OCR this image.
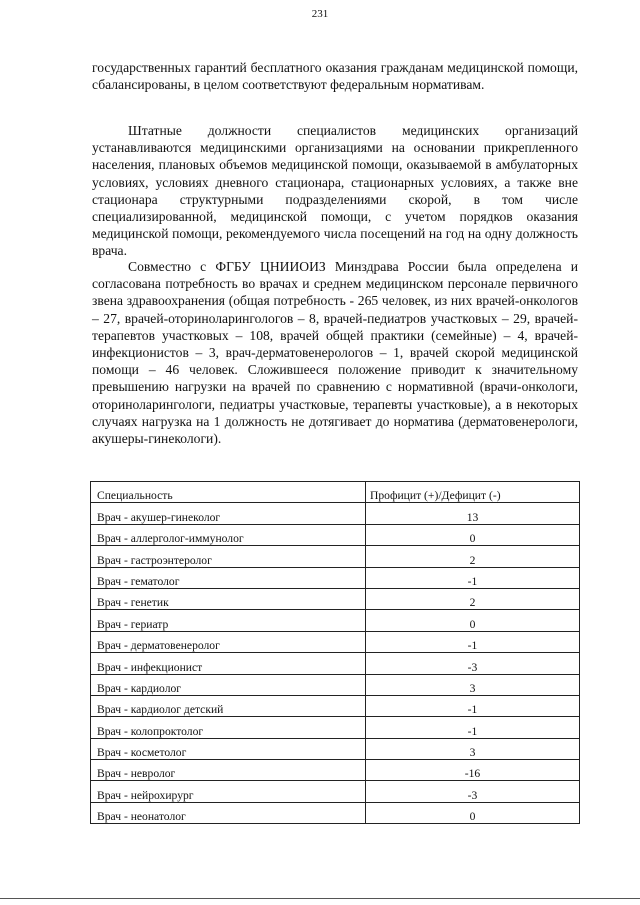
231

государственных гарантий бесплатного оказания гражданам медицинской помощи, сбалансированы, в целом соответствуют федеральным нормативам.

Штатные должности специалистов медицинских организаций устанавливаются медицинскими организациями на основании прикрепленного населения, плановых объемов медицинской помощи, оказываемой в амбулаторных условиях, условиях дневного стационара, стационарных условиях, а также вне стационара структурными подразделениями скорой, в том числе специализированной, медицинской помощи, с учетом порядков оказания медицинской помощи, рекомендуемого числа посещений на год на одну должность врача.

Совместно с ФГБУ ЦНИИОИЗ Минздрава России была определена и согласована потребность во врачах и среднем медицинском персонале первичного звена здравоохранения (общая потребность - 265 человек, из них врачей-онкологов – 27, врачей-оториноларингологов – 8, врачей-педиатров участковых – 29, врачей-терапевтов участковых – 108, врачей общей практики (семейные) – 4, врачей-инфекционистов – 3, врач-дерматовенерологов – 1, врачей скорой медицинской помощи – 46 человек. Сложившееся положение приводит к значительному превышению нагрузки на врачей по сравнению с нормативной (врачи-онкологи, оториноларингологи, педиатры участковые, терапевты участковые), а в некоторых случаях нагрузка на 1 должность не дотягивает до норматива (дерматовенерологи, акушеры-гинекологи).

Специальность	Профицит (+)/Дефицит (-)
Врач - акушер-гинеколог	13
Врач - аллерголог-иммунолог	0
Врач - гастроэнтеролог	2
Врач - гематолог	-1
Врач - генетик	2
Врач - гериатр	0
Врач - дерматовенеролог	-1
Врач - инфекционист	-3
Врач - кардиолог	3
Врач - кардиолог детский	-1
Врач - колопроктолог	-1
Врач - косметолог	3
Врач - невролог	-16
Врач - нейрохирург	-3
Врач - неонатолог	0
